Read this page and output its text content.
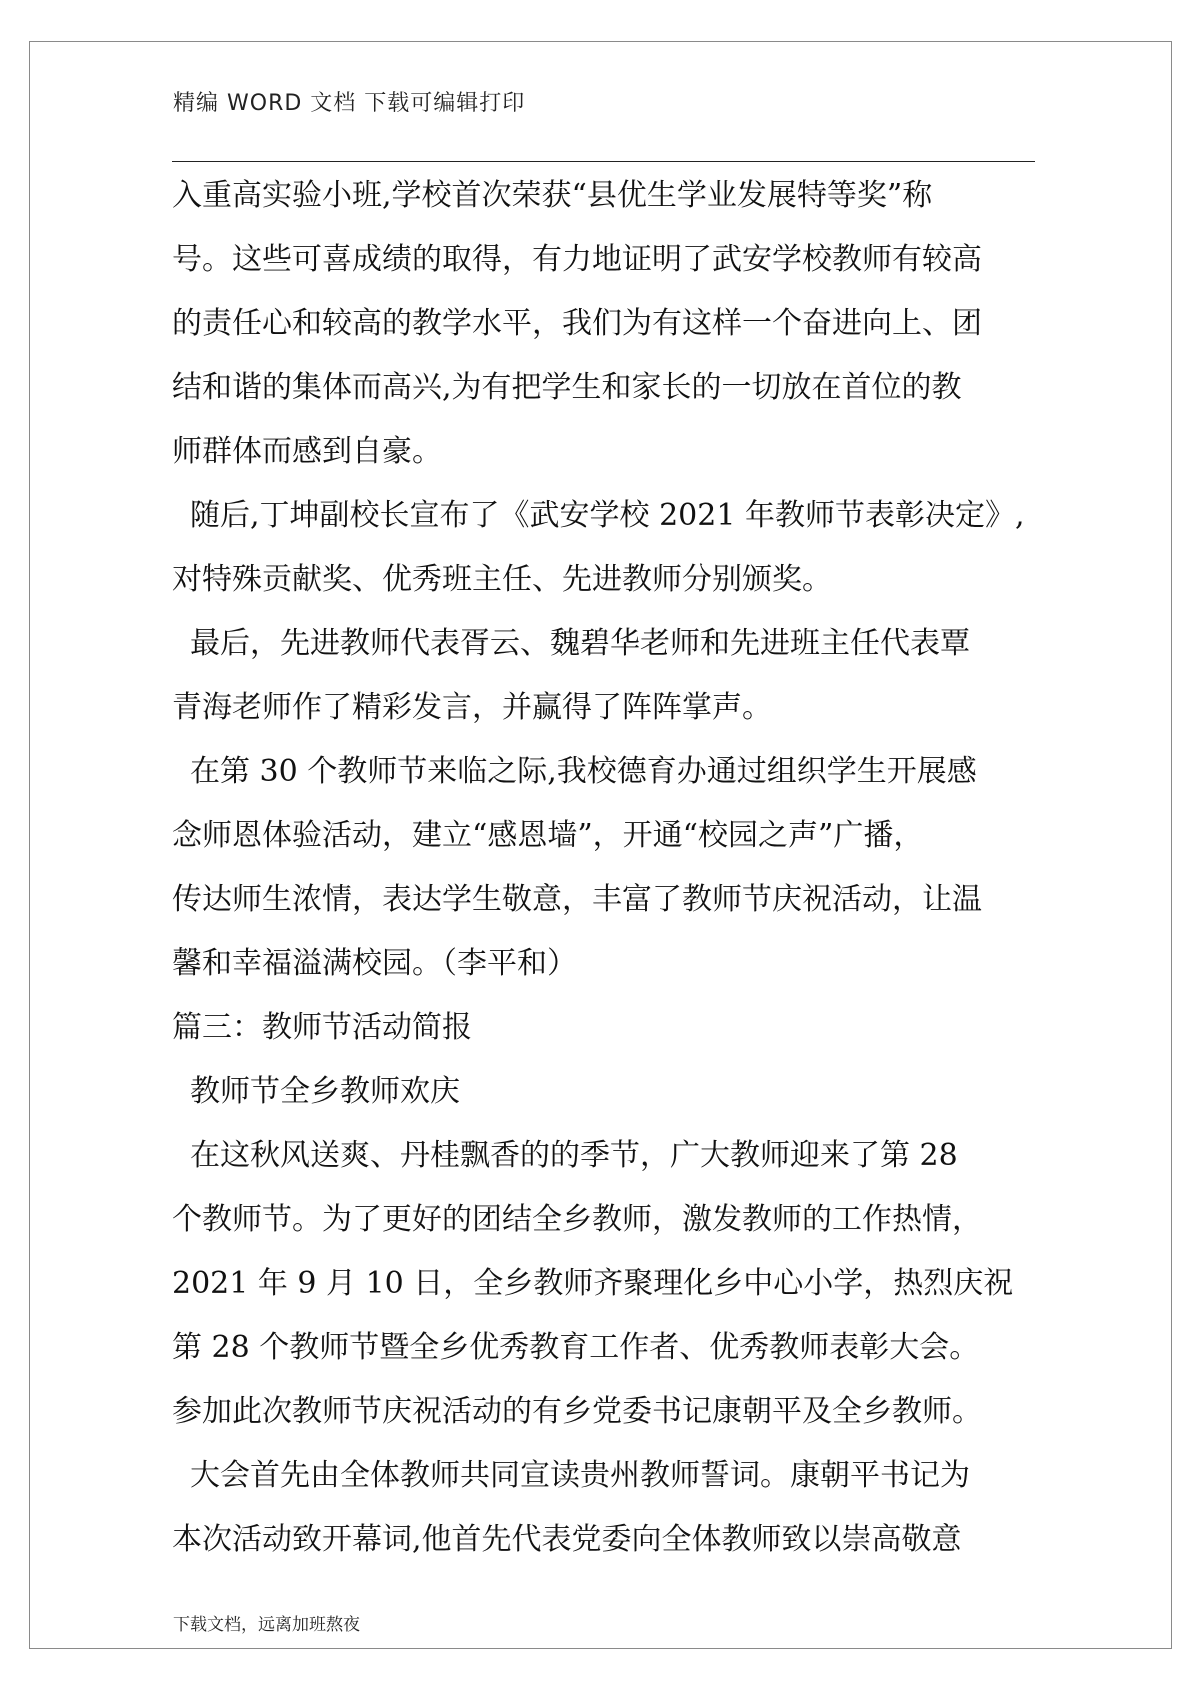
精编 WORD 文档 下载可编辑打印
入重高实验小班,学校首次荣获“县优生学业发展特等奖”称
号。这些可喜成绩的取得，有力地证明了武安学校教师有较高
的责任心和较高的教学水平，我们为有这样一个奋进向上、团
结和谐的集体而高兴,为有把学生和家长的一切放在首位的教
师群体而感到自豪。
随后,丁坤副校长宣布了《武安学校 2021 年教师节表彰决定》,
对特殊贡献奖、优秀班主任、先进教师分别颁奖。
最后，先进教师代表胥云、魏碧华老师和先进班主任代表覃
青海老师作了精彩发言，并赢得了阵阵掌声。
在第 30 个教师节来临之际,我校德育办通过组织学生开展感
念师恩体验活动，建立“感恩墙”，开通“校园之声”广播，
传达师生浓情，表达学生敬意，丰富了教师节庆祝活动，让温
馨和幸福溢满校园。（李平和）
篇三：教师节活动简报
教师节全乡教师欢庆
在这秋风送爽、丹桂飘香的的季节，广大教师迎来了第 28
个教师节。为了更好的团结全乡教师，激发教师的工作热情，
2021 年 9 月 10 日，全乡教师齐聚理化乡中心小学，热烈庆祝
第 28 个教师节暨全乡优秀教育工作者、优秀教师表彰大会。
参加此次教师节庆祝活动的有乡党委书记康朝平及全乡教师。
大会首先由全体教师共同宣读贵州教师誓词。康朝平书记为
本次活动致开幕词,他首先代表党委向全体教师致以崇高敬意
下载文档，远离加班熬夜
